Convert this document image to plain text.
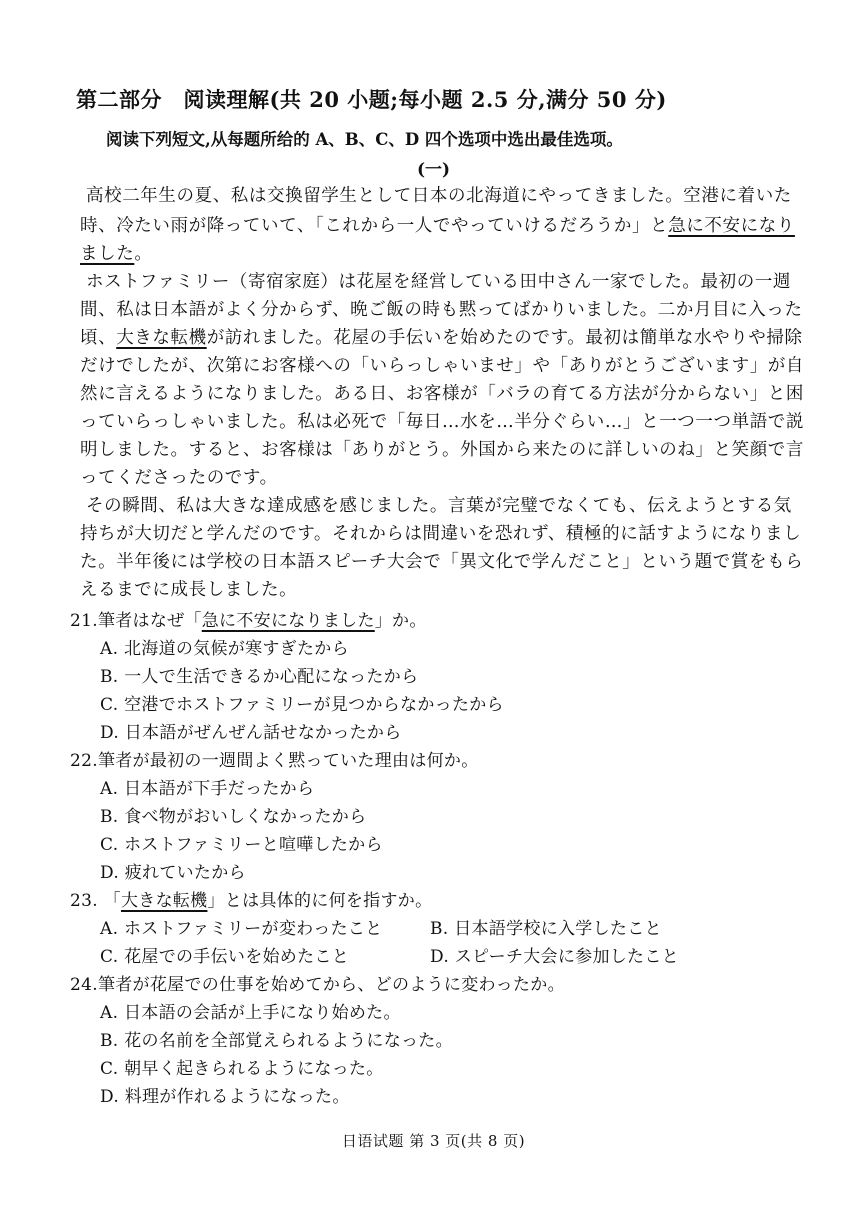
第二部分　阅读理解(共 20 小题;每小题 2.5 分,满分 50 分)
阅读下列短文,从每题所给的 A、B、C、D 四个选项中选出最佳选项。
(一)
高校二年生の夏、私は交換留学生として日本の北海道にやってきました。空港に着いた
時、冷たい雨が降っていて、「これから一人でやっていけるだろうか」と急に不安になり
ました。
ホストファミリー（寄宿家庭）は花屋を経営している田中さん一家でした。最初の一週
間、私は日本語がよく分からず、晩ご飯の時も黙ってばかりいました。二か月目に入った
頃、大きな転機が訪れました。花屋の手伝いを始めたのです。最初は簡単な水やりや掃除
だけでしたが、次第にお客様への「いらっしゃいませ」や「ありがとうございます」が自
然に言えるようになりました。ある日、お客様が「バラの育てる方法が分からない」と困
っていらっしゃいました。私は必死で「毎日…水を…半分ぐらい…」と一つ一つ単語で説
明しました。すると、お客様は「ありがとう。外国から来たのに詳しいのね」と笑顔で言
ってくださったのです。
その瞬間、私は大きな達成感を感じました。言葉が完璧でなくても、伝えようとする気
持ちが大切だと学んだのです。それからは間違いを恐れず、積極的に話すようになりまし
た。半年後には学校の日本語スピーチ大会で「異文化で学んだこと」という題で賞をもら
えるまでに成長しました。
21.筆者はなぜ「急に不安になりました」か。
A. 北海道の気候が寒すぎたから
B. 一人で生活できるか心配になったから
C. 空港でホストファミリーが見つからなかったから
D. 日本語がぜんぜん話せなかったから
22.筆者が最初の一週間よく黙っていた理由は何か。
A. 日本語が下手だったから
B. 食べ物がおいしくなかったから
C. ホストファミリーと喧嘩したから
D. 疲れていたから
23. 「大きな転機」とは具体的に何を指すか。
A. ホストファミリーが変わったこと	B. 日本語学校に入学したこと
C. 花屋での手伝いを始めたこと	D. スピーチ大会に参加したこと
24.筆者が花屋での仕事を始めてから、どのように変わったか。
A. 日本語の会話が上手になり始めた。
B. 花の名前を全部覚えられるようになった。
C. 朝早く起きられるようになった。
D. 料理が作れるようになった。
日语试题 第 3 页(共 8 页)
